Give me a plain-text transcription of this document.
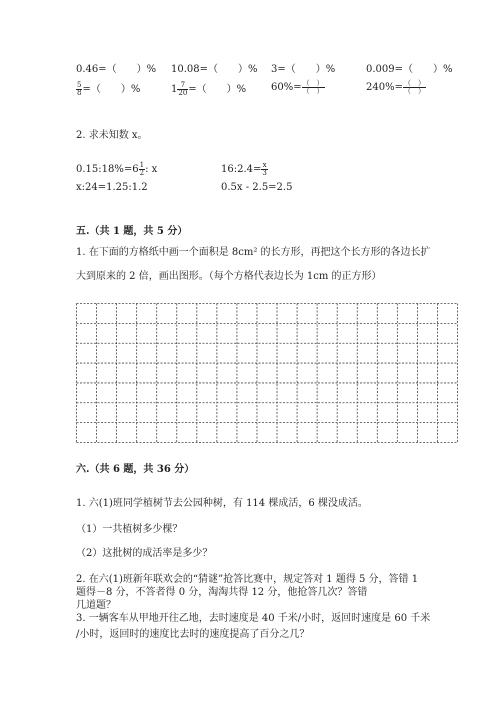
0.46=（　　）% 10.08=（　　）% 3=（　　）%	0.009=（　　）%
$\frac{5}{8}$ =（　　）%	$1 \frac{7}{20}$ =（　　）% $60\%= \frac{( )}{( )}$	$240\%= \frac{( )}{( )}$
2. 求未知数 x。
0.15:18%=6 $\frac{1}{2}$ : x	16:2.4= $\frac{x}{3}$
x:24=1.25:1.2	0.5x - 2.5=2.5
五.（共 1 题，共 5 分）
1. 在下面的方格纸中画一个面积是 8cm² 的长方形，再把这个长方形的各边长扩
大到原来的 2 倍，画出图形。（每个方格代表边长为 1cm 的正方形）
六.（共 6 题，共 36 分）
1. 六(1)班同学植树节去公园种树，有 114 棵成活，6 棵没成活。
（1）一共植树多少棵？
（2）这批树的成活率是多少？
2. 在六(1)班新年联欢会的“猜谜”抢答比赛中，规定答对 1 题得 5 分，答错 1
题得－8 分，不答者得 0 分，淘淘共得 12 分，他抢答几次？答错
几道题？
3. 一辆客车从甲地开往乙地，去时速度是 40 千米/小时，返回时速度是 60 千米
/小时，返回时的速度比去时的速度提高了百分之几？
